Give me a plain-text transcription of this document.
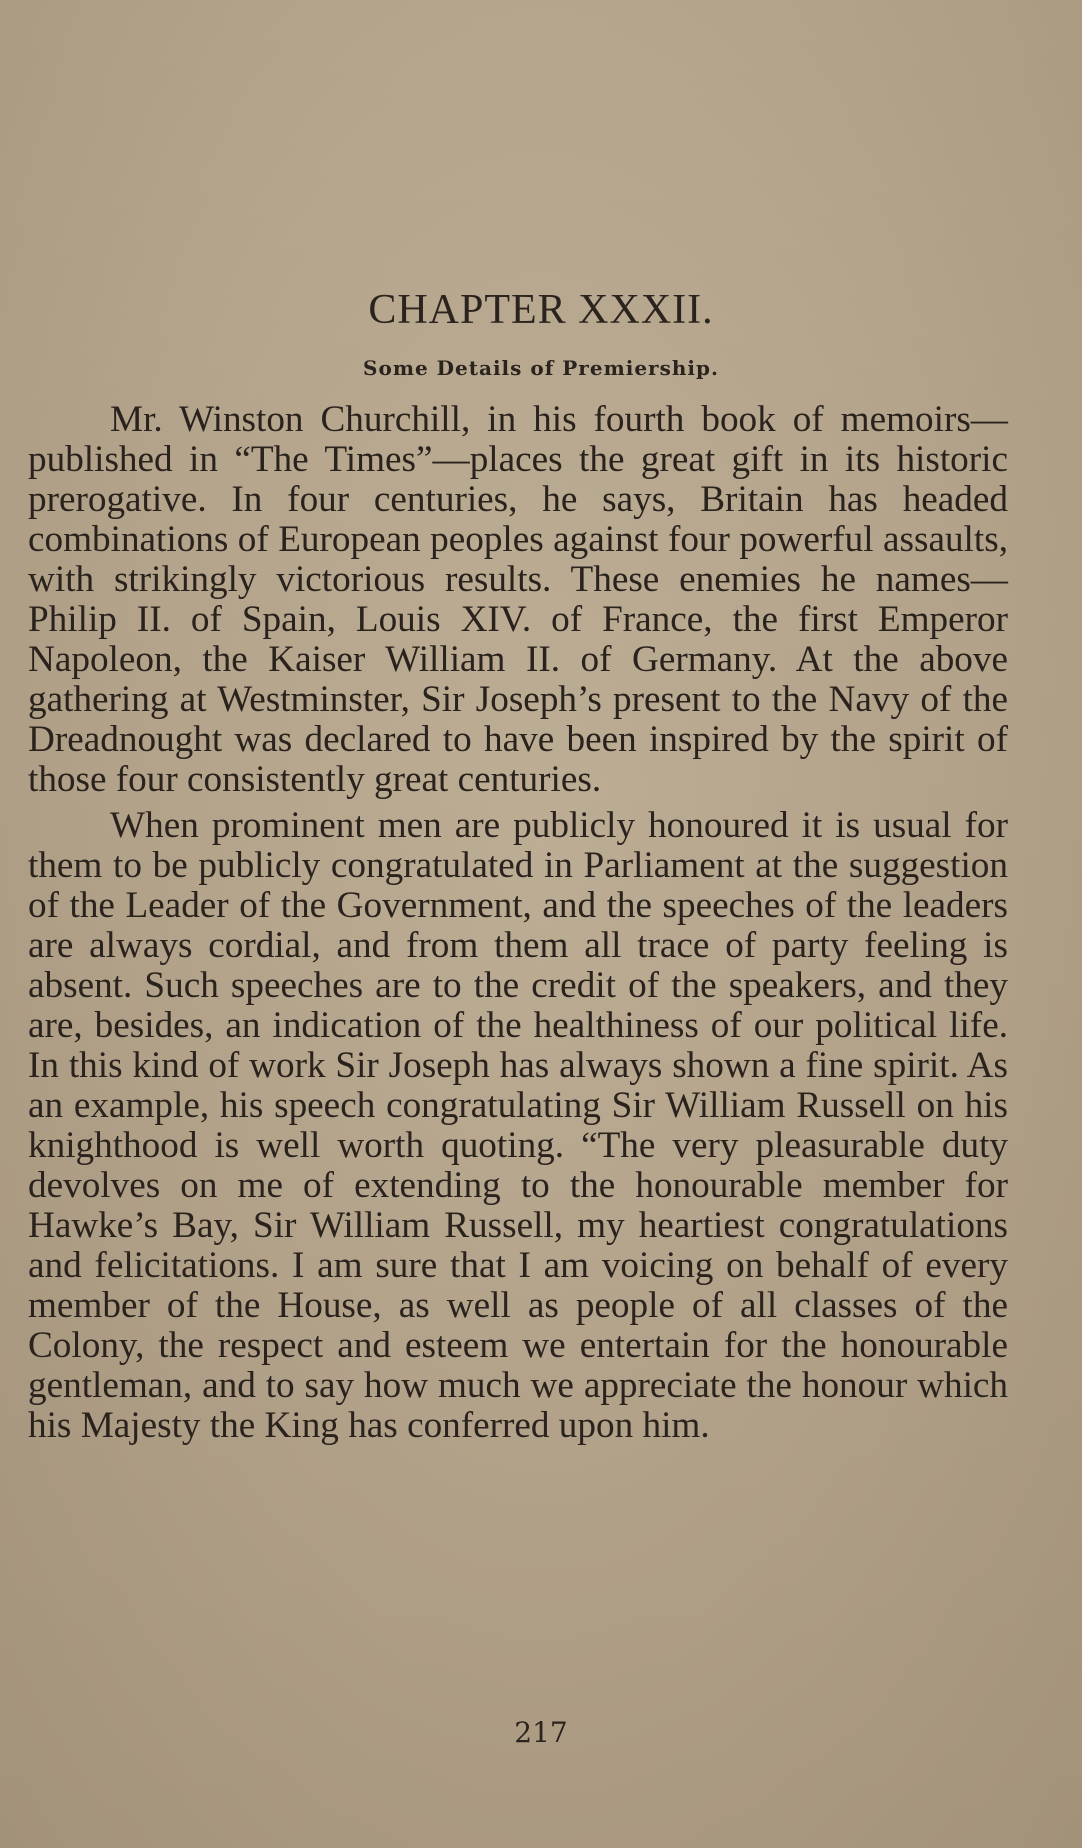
CHAPTER XXXII.
Some Details of Premiership.

Mr. Winston Churchill, in his fourth book of memoirs—published in “The Times”—places the great gift in its historic prerogative. In four centuries, he says, Britain has headed combinations of European peoples against four powerful assaults, with strikingly victorious results. These enemies he names—Philip II. of Spain, Louis XIV. of France, the first Emperor Napoleon, the Kaiser William II. of Germany. At the above gathering at Westminster, Sir Joseph’s present to the Navy of the Dreadnought was declared to have been inspired by the spirit of those four consistently great centuries.

When prominent men are publicly honoured it is usual for them to be publicly congratulated in Parliament at the suggestion of the Leader of the Government, and the speeches of the leaders are always cordial, and from them all trace of party feeling is absent. Such speeches are to the credit of the speakers, and they are, besides, an indication of the healthiness of our political life. In this kind of work Sir Joseph has always shown a fine spirit. As an example, his speech congratulating Sir William Russell on his knighthood is well worth quoting. “The very pleasurable duty devolves on me of extending to the honourable member for Hawke’s Bay, Sir William Russell, my heartiest congratulations and felicitations. I am sure that I am voicing on behalf of every member of the House, as well as people of all classes of the Colony, the respect and esteem we entertain for the honourable gentleman, and to say how much we appreciate the honour which his Majesty the King has conferred upon him.

217
